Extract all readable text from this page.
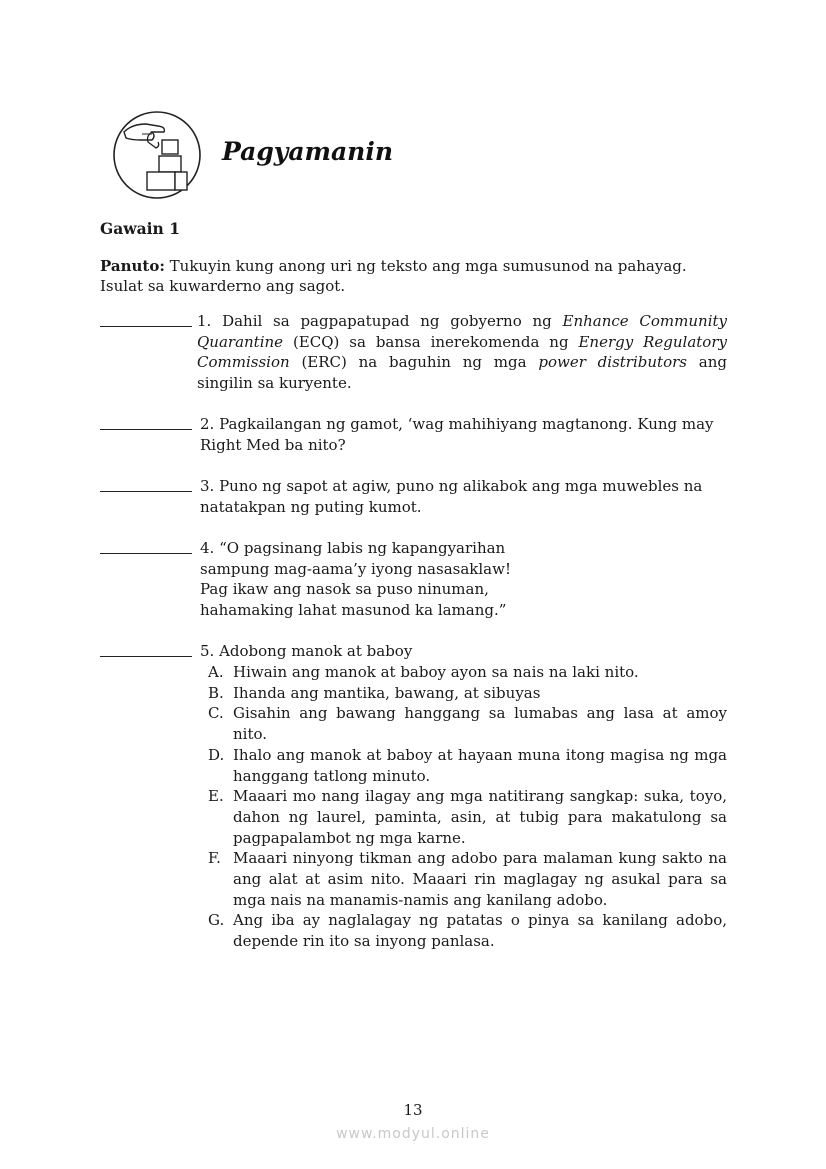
Pagyamanin
Gawain 1
Panuto: Tukuyin kung anong uri ng teksto ang mga sumusunod na pahayag.
Isulat sa kuwarderno ang sagot.
1. Dahil sa pagpapatupad ng gobyerno ng Enhance Community Quarantine (ECQ) sa bansa inerekomenda ng Energy Regulatory Commission (ERC) na baguhin ng mga power distributors ang singilin sa kuryente.
2. Pagkailangan ng gamot, ‘wag mahihiyang magtanong. Kung may Right Med ba nito?
3. Puno ng sapot at agiw, puno ng alikabok ang mga muwebles na natatakpan ng puting kumot.
4. “O pagsinang labis ng kapangyarihan
sampung mag-aama’y iyong nasasaklaw!
Pag ikaw ang nasok sa puso ninuman,
hahamaking lahat masunod ka lamang.”
5. Adobong manok at baboy
A. Hiwain ang manok at baboy ayon sa nais na laki nito.
B. Ihanda ang mantika, bawang, at sibuyas
C. Gisahin ang bawang hanggang sa lumabas ang lasa at amoy nito.
D. Ihalo ang manok at baboy at hayaan muna itong magisa ng mga hanggang tatlong minuto.
E. Maaari mo nang ilagay ang mga natitirang sangkap: suka, toyo, dahon ng laurel, paminta, asin, at tubig para makatulong sa pagpapalambot ng mga karne.
F. Maaari ninyong tikman ang adobo para malaman kung sakto na ang alat at asim nito. Maaari rin maglagay ng asukal para sa mga nais na manamis-namis ang kanilang adobo.
G. Ang iba ay naglalagay ng patatas o pinya sa kanilang adobo, depende rin ito sa inyong panlasa.
13
www.modyul.online
